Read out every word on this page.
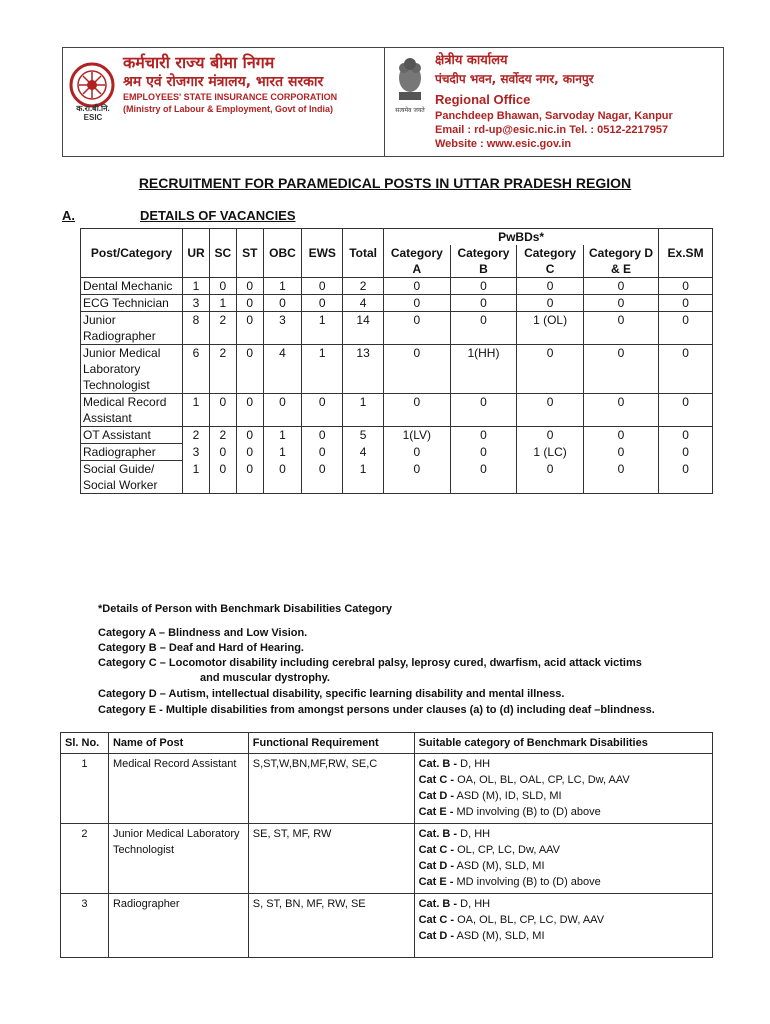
क.रा.बी.नि.
ESIC
कर्मचारी राज्य बीमा निगम
श्रम एवं रोजगार मंत्रालय, भारत सरकार
EMPLOYEES' STATE INSURANCE CORPORATION
(Ministry of Labour & Employment, Govt of India)	सत्यमेव जयते
क्षेत्रीय कार्यालय
पंचदीप भवन, सर्वोदय नगर, कानपुर
Regional Office
Panchdeep Bhawan, Sarvoday Nagar, Kanpur
Email : rd-up@esic.nic.in Tel. : 0512-2217957
Website : www.esic.gov.in
RECRUITMENT FOR PARAMEDICAL POSTS IN UTTAR PRADESH REGION
A.	DETAILS OF VACANCIES
Post/Category	UR	SC	ST	OBC	EWS	Total	PwBDs*				Ex.SM
							Category A	Category B	Category C	Category D & E	
Dental Mechanic	1	0	0	1	0	2	0	0	0	0	0
ECG Technician	3	1	0	0	0	4	0	0	0	0	0
Junior Radiographer	8	2	0	3	1	14	0	0	1 (OL)	0	0
Junior Medical Laboratory Technologist	6	2	0	4	1	13	0	1(HH)	0	0	0
Medical Record Assistant	1	0	0	0	0	1	0	0	0	0	0
OT Assistant	2	2	0	1	0	5	1(LV)	0	0	0	0
Radiographer	3	0	0	1	0	4	0	0	1 (LC)	0	0
Social Guide/ Social Worker	1	0	0	0	0	1	0	0	0	0	0
*Details of Person with Benchmark Disabilities Category
Category A – Blindness and Low Vision.
Category B – Deaf and Hard of Hearing.
Category C – Locomotor disability including cerebral palsy, leprosy cured, dwarfism, acid attack victims
and muscular dystrophy.
Category D – Autism, intellectual disability, specific learning disability and mental illness.
Category E - Multiple disabilities from amongst persons under clauses (a) to (d) including deaf –blindness.
Sl. No.	Name of Post	Functional Requirement	Suitable category of Benchmark Disabilities
1	Medical Record Assistant	S,ST,W,BN,MF,RW, SE,C	Cat. B - D, HH
Cat C - OA, OL, BL, OAL, CP, LC, Dw, AAV
Cat D - ASD (M), ID, SLD, MI
Cat E - MD involving (B) to (D) above

2	Junior Medical Laboratory Technologist	SE, ST, MF, RW	Cat. B - D, HH
Cat C - OL, CP, LC, Dw, AAV
Cat D - ASD (M), SLD, MI
Cat E - MD involving (B) to (D) above

3	Radiographer	S, ST, BN, MF, RW, SE	Cat. B - D, HH
Cat C - OA, OL, BL, CP, LC, DW, AAV
Cat D - ASD (M), SLD, MI
